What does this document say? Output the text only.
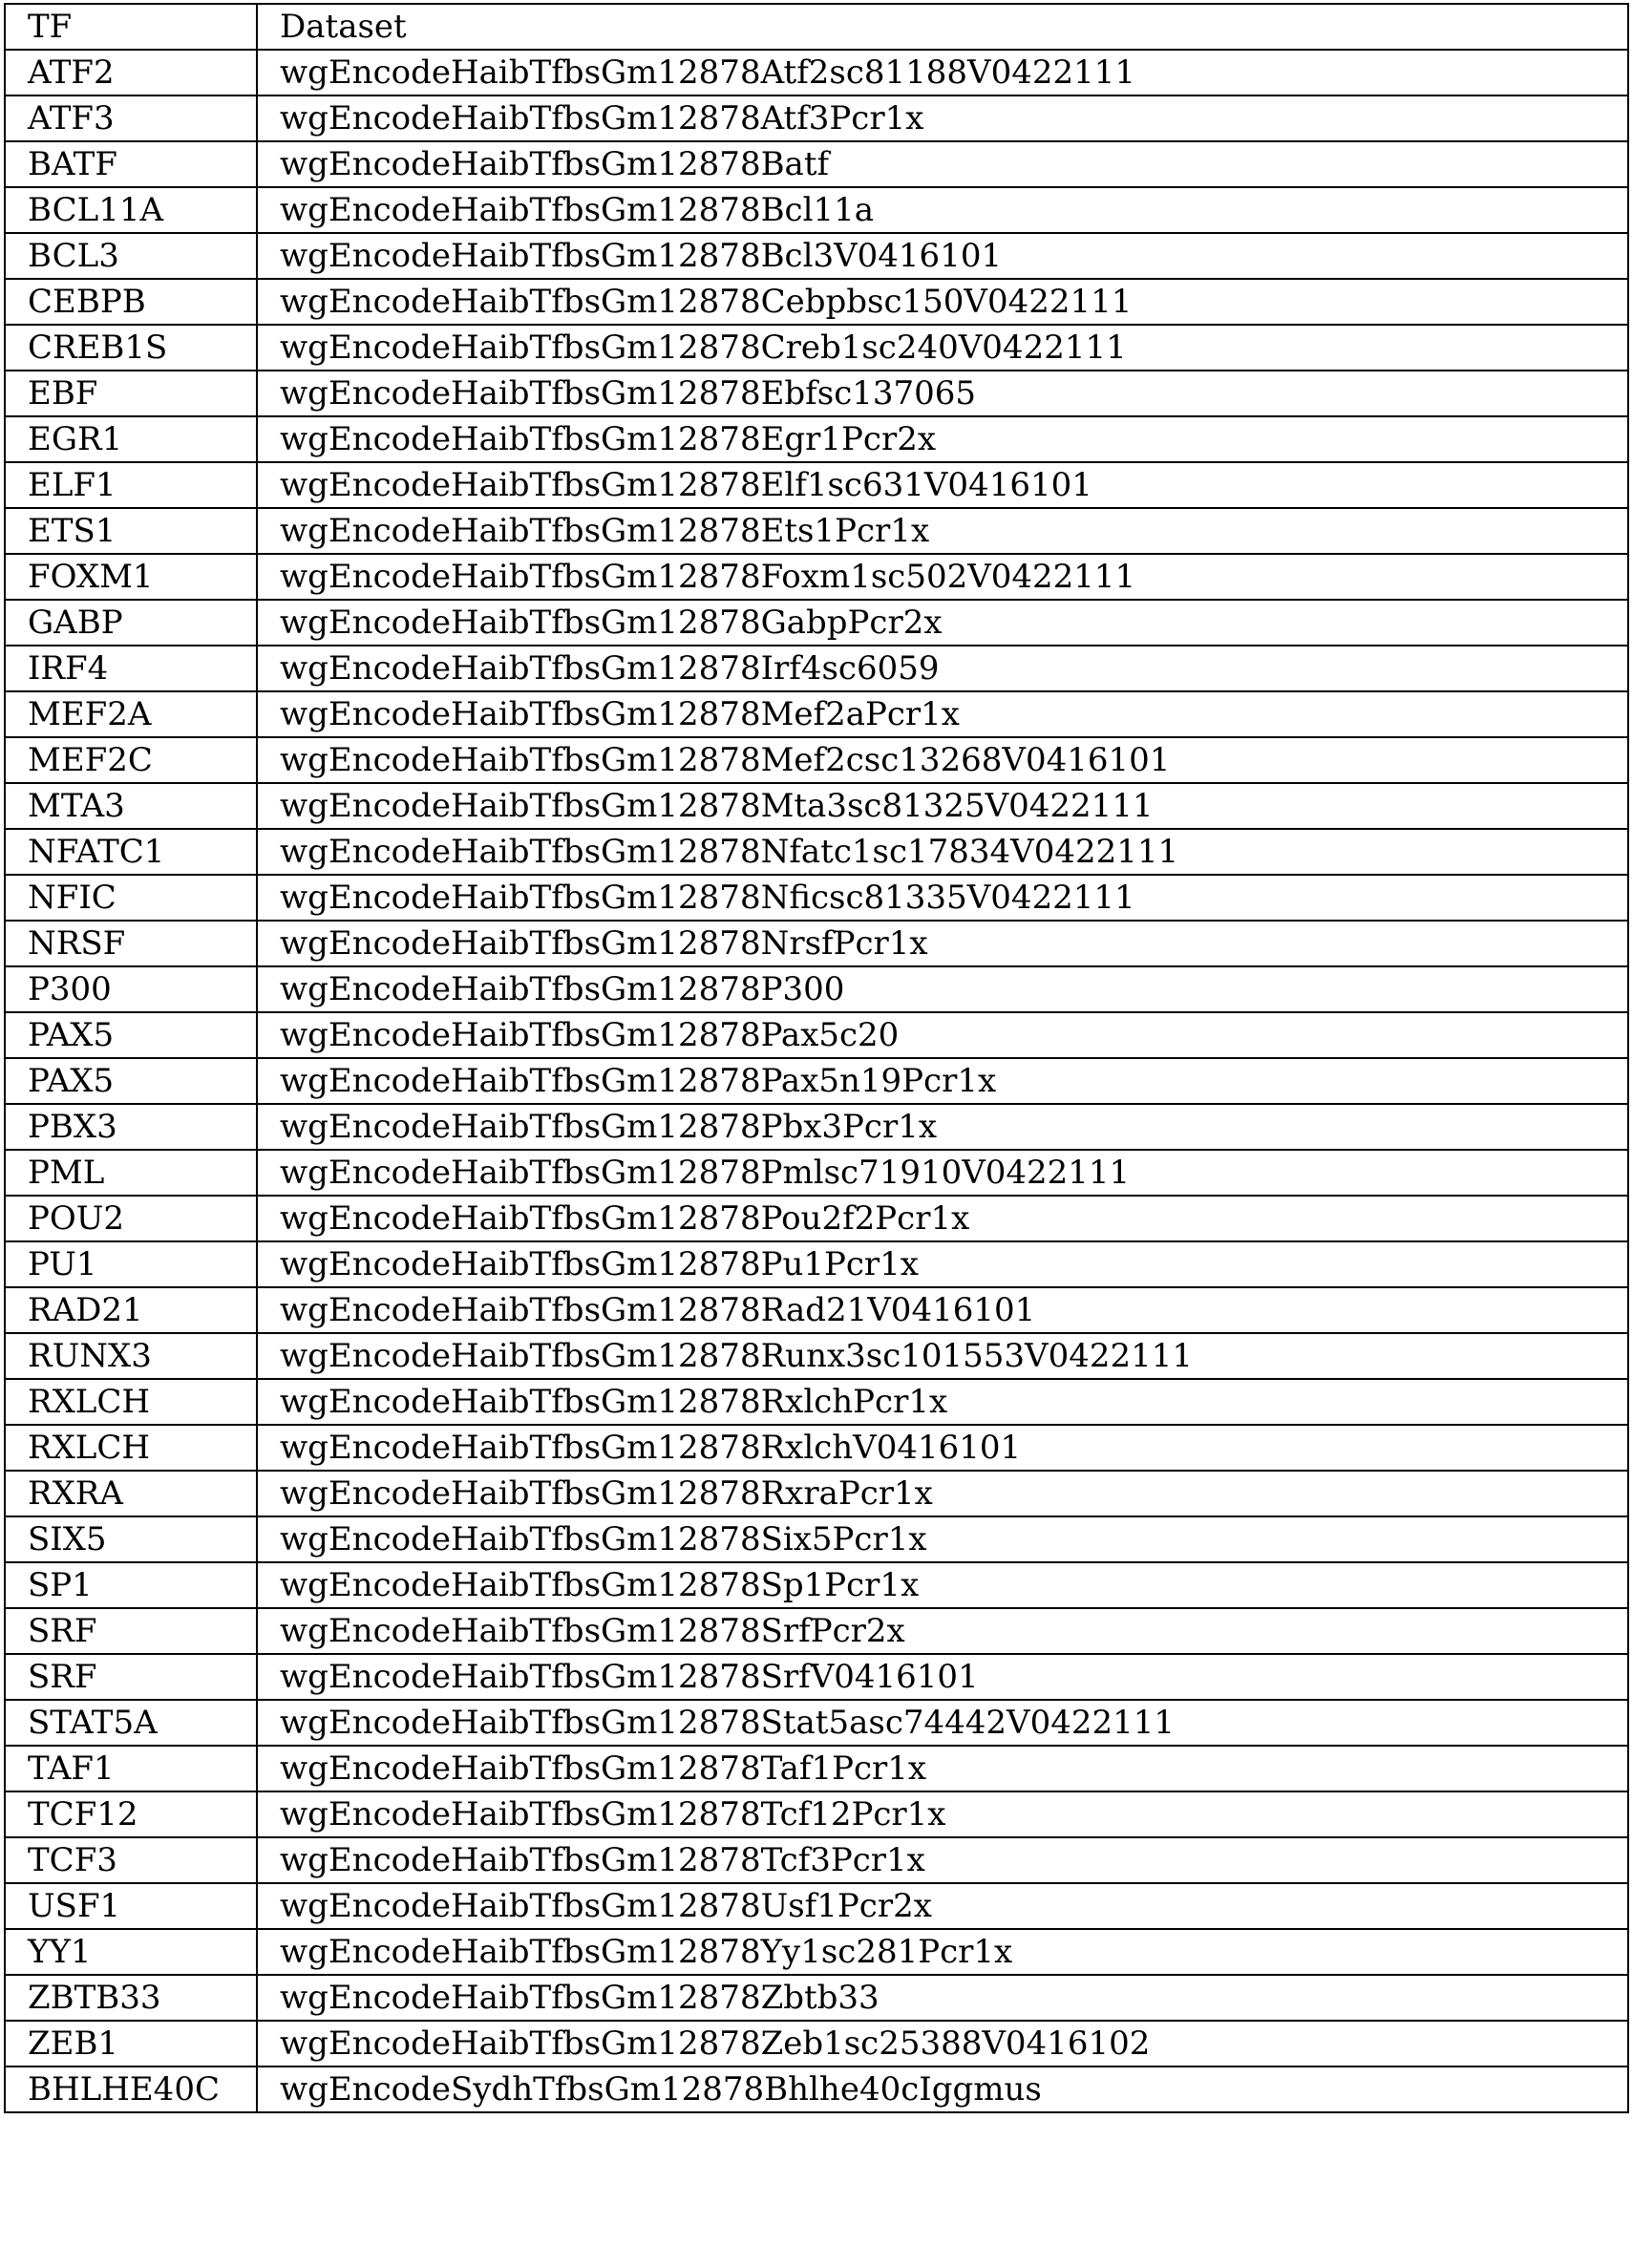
TF	Dataset
ATF2	wgEncodeHaibTfbsGm12878Atf2sc81188V0422111
ATF3	wgEncodeHaibTfbsGm12878Atf3Pcr1x
BATF	wgEncodeHaibTfbsGm12878Batf
BCL11A	wgEncodeHaibTfbsGm12878Bcl11a
BCL3	wgEncodeHaibTfbsGm12878Bcl3V0416101
CEBPB	wgEncodeHaibTfbsGm12878Cebpbsc150V0422111
CREB1S	wgEncodeHaibTfbsGm12878Creb1sc240V0422111
EBF	wgEncodeHaibTfbsGm12878Ebfsc137065
EGR1	wgEncodeHaibTfbsGm12878Egr1Pcr2x
ELF1	wgEncodeHaibTfbsGm12878Elf1sc631V0416101
ETS1	wgEncodeHaibTfbsGm12878Ets1Pcr1x
FOXM1	wgEncodeHaibTfbsGm12878Foxm1sc502V0422111
GABP	wgEncodeHaibTfbsGm12878GabpPcr2x
IRF4	wgEncodeHaibTfbsGm12878Irf4sc6059
MEF2A	wgEncodeHaibTfbsGm12878Mef2aPcr1x
MEF2C	wgEncodeHaibTfbsGm12878Mef2csc13268V0416101
MTA3	wgEncodeHaibTfbsGm12878Mta3sc81325V0422111
NFATC1	wgEncodeHaibTfbsGm12878Nfatc1sc17834V0422111
NFIC	wgEncodeHaibTfbsGm12878Nficsc81335V0422111
NRSF	wgEncodeHaibTfbsGm12878NrsfPcr1x
P300	wgEncodeHaibTfbsGm12878P300
PAX5	wgEncodeHaibTfbsGm12878Pax5c20
PAX5	wgEncodeHaibTfbsGm12878Pax5n19Pcr1x
PBX3	wgEncodeHaibTfbsGm12878Pbx3Pcr1x
PML	wgEncodeHaibTfbsGm12878Pmlsc71910V0422111
POU2	wgEncodeHaibTfbsGm12878Pou2f2Pcr1x
PU1	wgEncodeHaibTfbsGm12878Pu1Pcr1x
RAD21	wgEncodeHaibTfbsGm12878Rad21V0416101
RUNX3	wgEncodeHaibTfbsGm12878Runx3sc101553V0422111
RXLCH	wgEncodeHaibTfbsGm12878RxlchPcr1x
RXLCH	wgEncodeHaibTfbsGm12878RxlchV0416101
RXRA	wgEncodeHaibTfbsGm12878RxraPcr1x
SIX5	wgEncodeHaibTfbsGm12878Six5Pcr1x
SP1	wgEncodeHaibTfbsGm12878Sp1Pcr1x
SRF	wgEncodeHaibTfbsGm12878SrfPcr2x
SRF	wgEncodeHaibTfbsGm12878SrfV0416101
STAT5A	wgEncodeHaibTfbsGm12878Stat5asc74442V0422111
TAF1	wgEncodeHaibTfbsGm12878Taf1Pcr1x
TCF12	wgEncodeHaibTfbsGm12878Tcf12Pcr1x
TCF3	wgEncodeHaibTfbsGm12878Tcf3Pcr1x
USF1	wgEncodeHaibTfbsGm12878Usf1Pcr2x
YY1	wgEncodeHaibTfbsGm12878Yy1sc281Pcr1x
ZBTB33	wgEncodeHaibTfbsGm12878Zbtb33
ZEB1	wgEncodeHaibTfbsGm12878Zeb1sc25388V0416102
BHLHE40C	wgEncodeSydhTfbsGm12878Bhlhe40cIggmus
